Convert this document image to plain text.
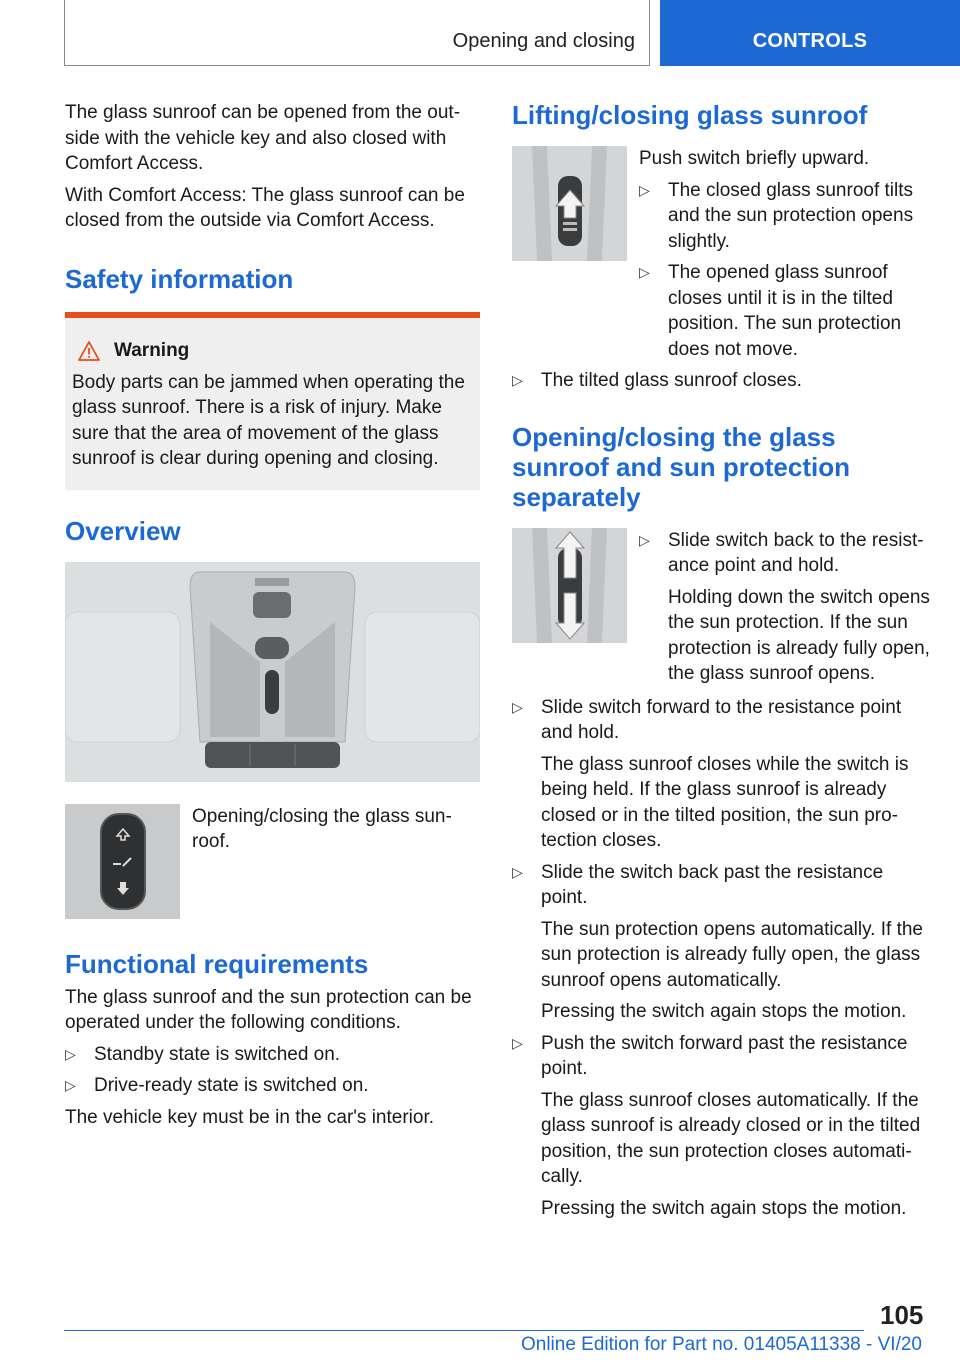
Opening and closing	CONTROLS

The glass sunroof can be opened from the out‐side with the vehicle key and also closed with Comfort Access.

With Comfort Access: The glass sunroof can be closed from the outside via Comfort Access.

Safety information
Warning

Body parts can be jammed when operating the glass sunroof. There is a risk of injury. Make sure that the area of movement of the glass sunroof is clear during opening and closing.

Overview
Opening/closing the glass sun‐roof.
Functional requirements

The glass sunroof and the sun protection can be operated under the following conditions.

▷ Standby state is switched on.
▷ Drive-ready state is switched on.

The vehicle key must be in the car's interior.

Lifting/closing glass sunroof

Push switch briefly upward.

▷ The closed glass sunroof tilts and the sun protection opens slightly.
▷ The opened glass sunroof closes until it is in the tilted position. The sun protection does not move.
▷ The tilted glass sunroof closes.
Opening/closing the glass sunroof and sun protection separately
▷ Slide switch back to the resist‐ance point and hold.
Holding down the switch opens the sun protection. If the sun protection is already fully open, the glass sunroof opens.
▷ Slide switch forward to the resistance point and hold.
The glass sunroof closes while the switch is being held. If the glass sunroof is already closed or in the tilted position, the sun pro‐tection closes.
▷ Slide the switch back past the resistance point.
The sun protection opens automatically. If the sun protection is already fully open, the glass sunroof opens automatically.
Pressing the switch again stops the motion.
▷ Push the switch forward past the resistance point.
The glass sunroof closes automatically. If the glass sunroof is already closed or in the tilted position, the sun protection closes automati‐cally.
Pressing the switch again stops the motion.
105
Online Edition for Part no. 01405A11338 - VI/20
